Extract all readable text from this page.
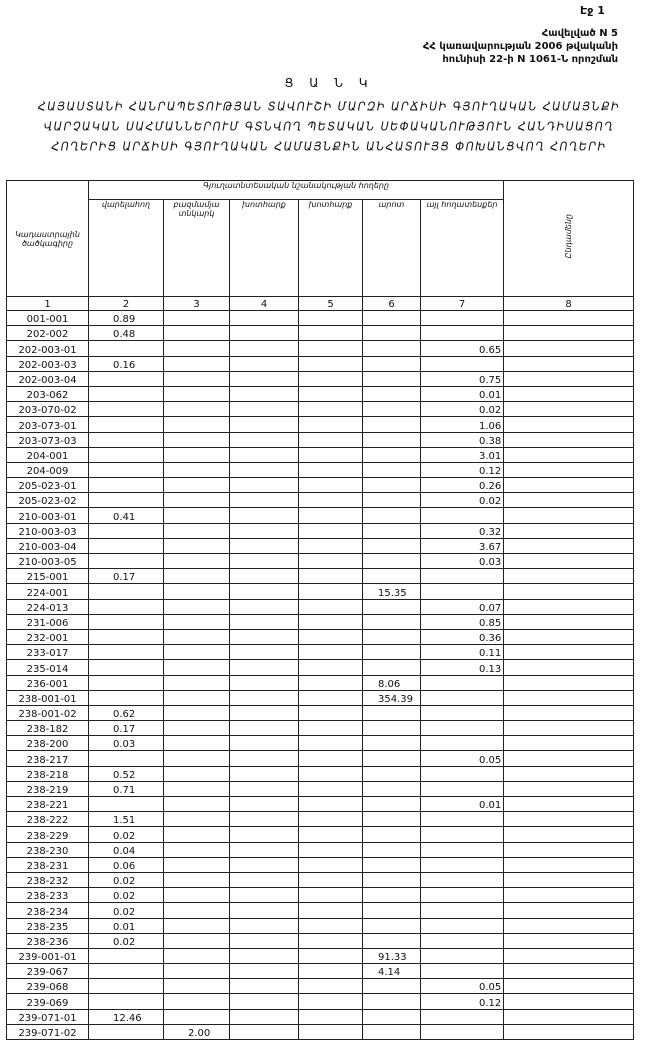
Էջ 1
Հավելված N 5
ՀՀ կառավարության 2006 թվականի
հունիսի 22-ի N 1061-Ն որոշման
Ց Ա Ն Կ
ՀԱՅԱՍՏԱՆԻ ՀԱՆՐԱՊԵՏՈՒԹՅԱՆ ՏԱՎՈՒՇԻ ՄԱՐԶԻ ԱՐՃԻՍԻ ԳՅՈՒՂԱԿԱՆ ՀԱՄԱՅՆՔԻ
ՎԱՐՉԱԿԱՆ ՍԱՀՄԱՆՆԵՐՈՒՄ ԳՏՆՎՈՂ ՊԵՏԱԿԱՆ ՍԵՓԱԿԱՆՈՒԹՅՈՒՆ ՀԱՆԴԻՍԱՑՈՂ
ՀՈՂԵՐԻՑ ԱՐՃԻՍԻ ԳՅՈՒՂԱԿԱՆ ՀԱՄԱՅՆՔԻՆ ԱՆՀԱՏՈՒՅՑ ՓՈԽԱՆՑՎՈՂ ՀՈՂԵՐԻ
Կադաստրային ծածկագիրը	Գյուղատնտեսական նշանակության հողերը						Ընդամենը
	վարելահող	բազմամյա տնկարկ	խոտհարք	խոտհարք	արոտ	այլ հողատեսքեր	
1	2	3	4	5	6	7	8
001-001	0.89						
202-002	0.48						
202-003-01						0.65	
202-003-03	0.16						
202-003-04						0.75	
203-062						0.01	
203-070-02						0.02	
203-073-01						1.06	
203-073-03						0.38	
204-001						3.01	
204-009						0.12	
205-023-01						0.26	
205-023-02						0.02	
210-003-01	0.41						
210-003-03						0.32	
210-003-04						3.67	
210-003-05						0.03	
215-001	0.17						
224-001					15.35		
224-013						0.07	
231-006						0.85	
232-001						0.36	
233-017						0.11	
235-014						0.13	
236-001					8.06		
238-001-01					354.39		
238-001-02	0.62						
238-182	0.17						
238-200	0.03						
238-217						0.05	
238-218	0.52						
238-219	0.71						
238-221						0.01	
238-222	1.51						
238-229	0.02						
238-230	0.04						
238-231	0.06						
238-232	0.02						
238-233	0.02						
238-234	0.02						
238-235	0.01						
238-236	0.02						
239-001-01					91.33		
239-067					4.14		
239-068						0.05	
239-069						0.12	
239-071-01	12.46						
239-071-02		2.00					
